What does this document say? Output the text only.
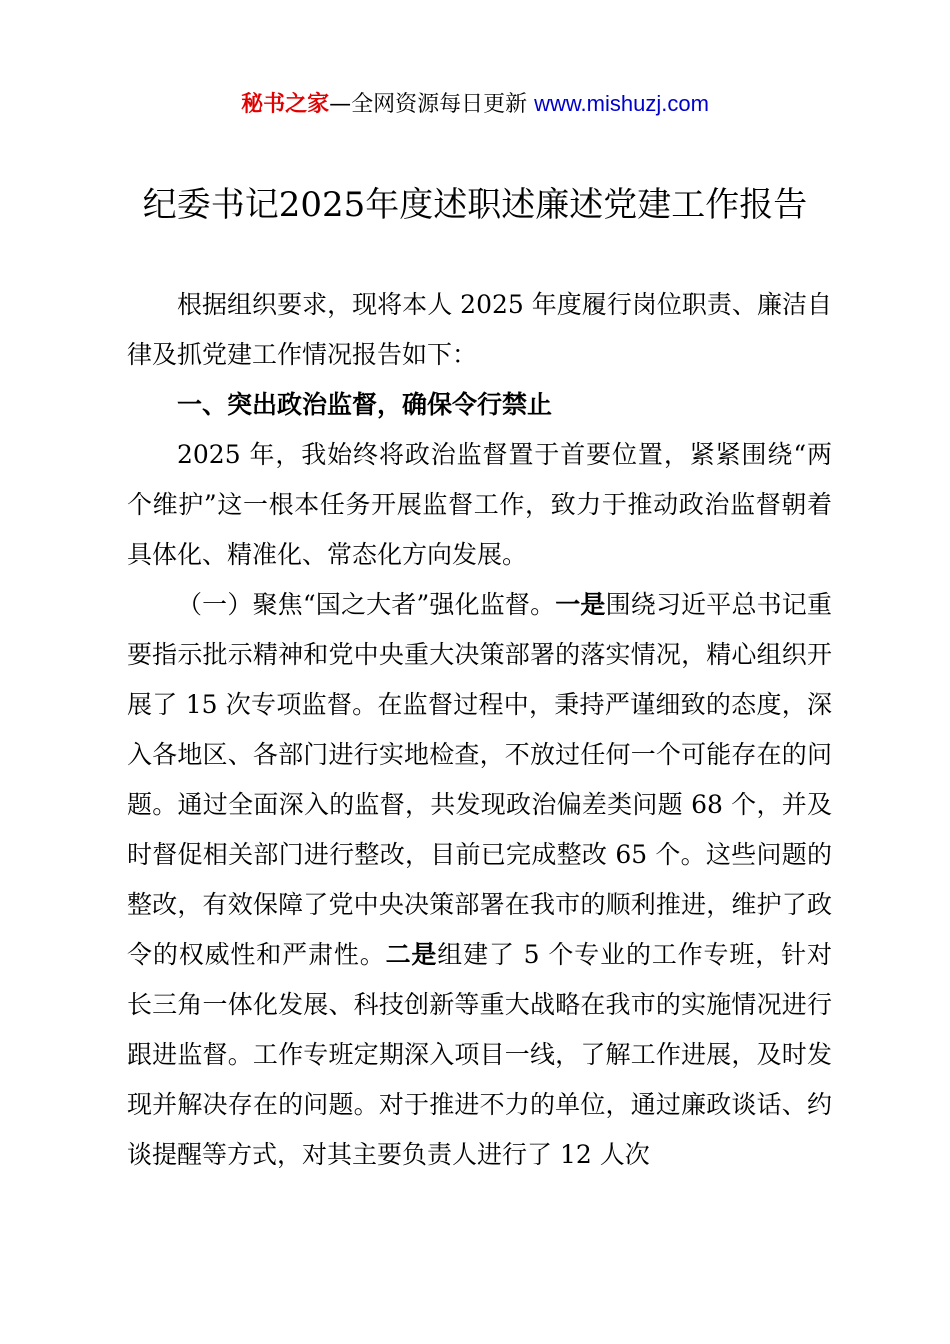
秘书之家—全网资源每日更新 www.mishuzj.com
纪委书记2025年度述职述廉述党建工作报告

根据组织要求，现将本人 2025 年度履行岗位职责、廉洁自律及抓党建工作情况报告如下：

一、突出政治监督，确保令行禁止

2025 年，我始终将政治监督置于首要位置，紧紧围绕“两个维护”这一根本任务开展监督工作，致力于推动政治监督朝着具体化、精准化、常态化方向发展。

（一）聚焦“国之大者”强化监督。一是围绕习近平总书记重要指示批示精神和党中央重大决策部署的落实情况，精心组织开展了 15 次专项监督。在监督过程中，秉持严谨细致的态度，深入各地区、各部门进行实地检查，不放过任何一个可能存在的问题。通过全面深入的监督，共发现政治偏差类问题 68 个，并及时督促相关部门进行整改，目前已完成整改 65 个。这些问题的整改，有效保障了党中央决策部署在我市的顺利推进，维护了政令的权威性和严肃性。二是组建了 5 个专业的工作专班，针对长三角一体化发展、科技创新等重大战略在我市的实施情况进行跟进监督。工作专班定期深入项目一线，了解工作进展，及时发现并解决存在的问题。对于推进不力的单位，通过廉政谈话、约谈提醒等方式，对其主要负责人进行了 12 人次
